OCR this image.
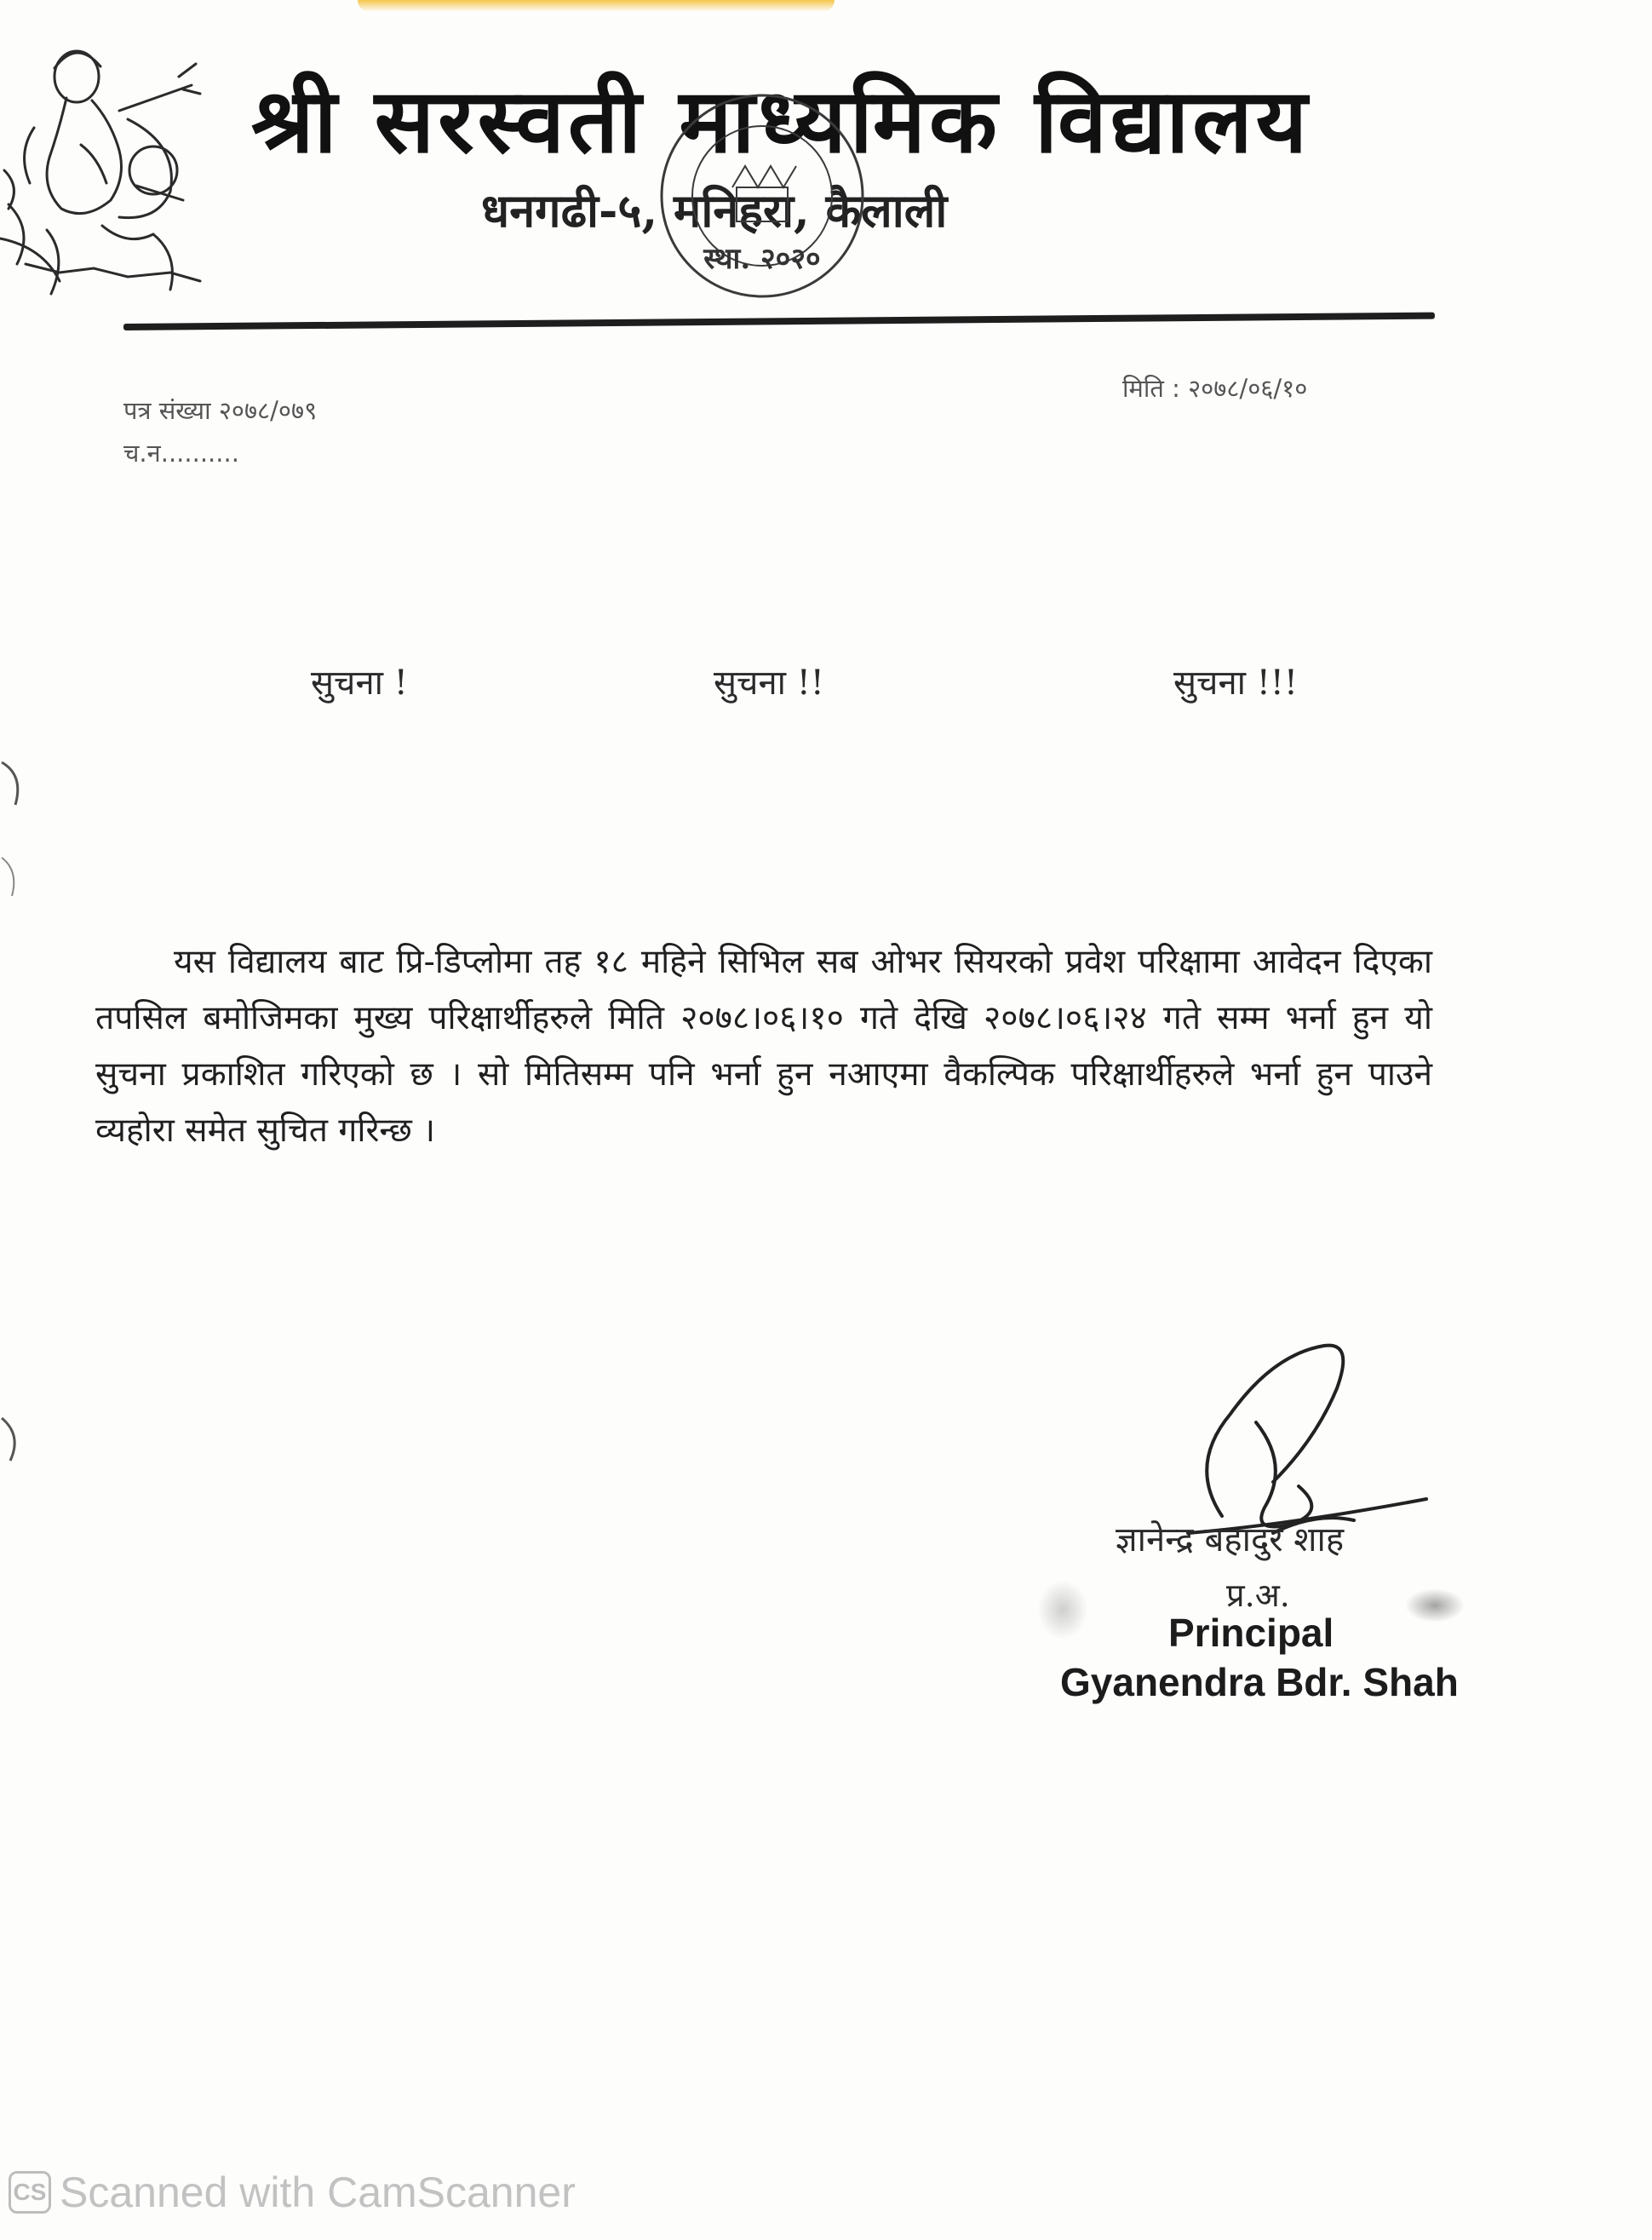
श्री सरस्वती माध्यमिक विद्यालय
धनगढी-५, मनिहरा, कैलाली
स्था. २०२०
पत्र संख्या २०७८/०७९
च.न..........
मिति : २०७८/०६/१०
सुचना !	सुचना !!	सुचना !!!

यस विद्यालय बाट प्रि-डिप्लोमा तह १८ महिने सिभिल सब ओभर सियरको प्रवेश परिक्षामा आवेदन दिएका तपसिल बमोजिमका मुख्य परिक्षार्थीहरुले मिति २०७८।०६।१० गते देखि २०७८।०६।२४ गते सम्म भर्ना हुन यो सुचना प्रकाशित गरिएको छ । सो मितिसम्म पनि भर्ना हुन नआएमा वैकल्पिक परिक्षार्थीहरुले भर्ना हुन पाउने व्यहोरा समेत सुचित गरिन्छ ।

ज्ञानेन्द्र बहादुर शाह
प्र.अ.
Principal
Gyanendra Bdr. Shah
CS Scanned with CamScanner
